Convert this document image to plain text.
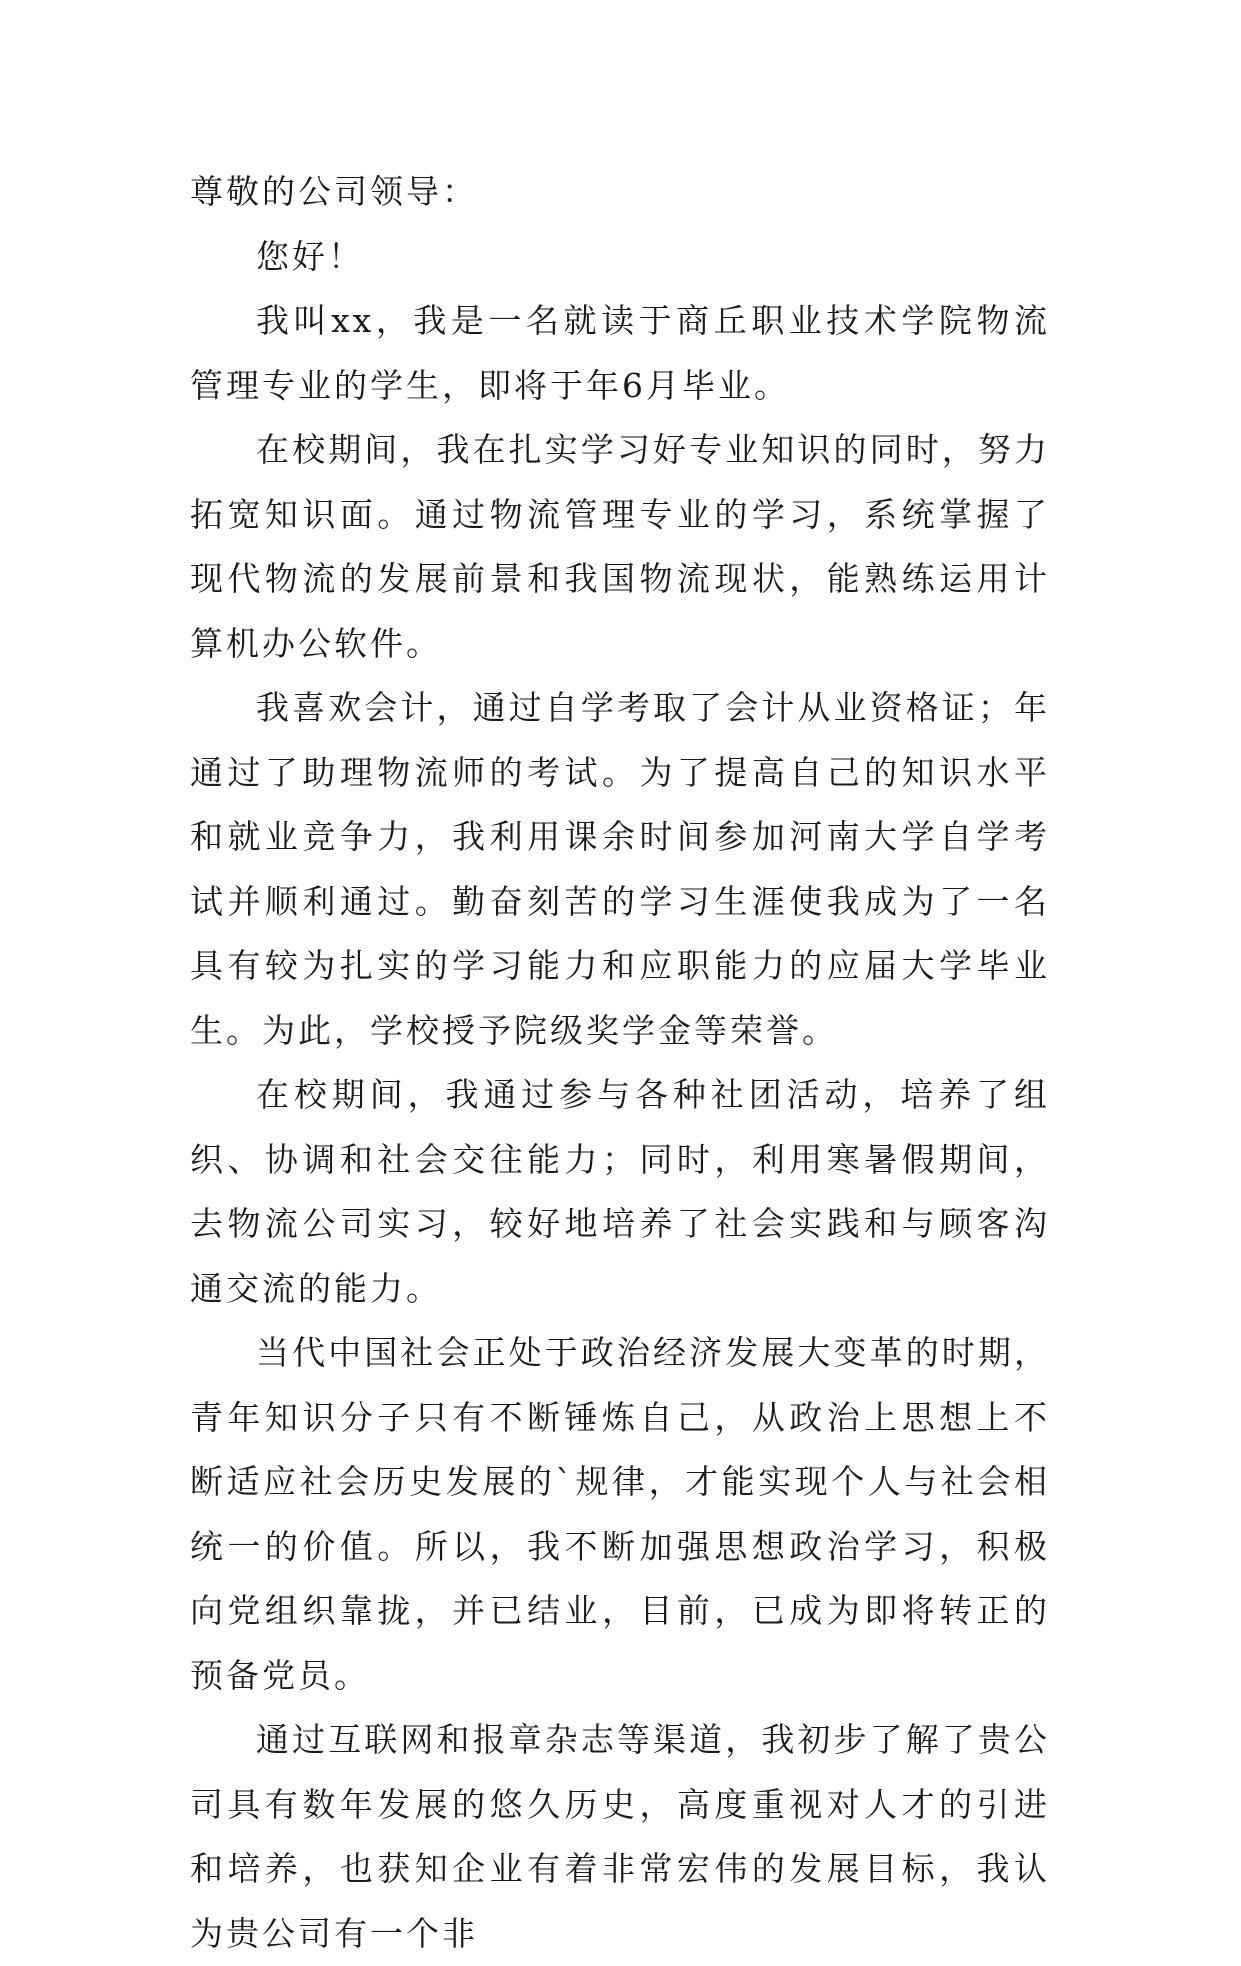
尊敬的公司领导：

您好！

我叫xx，我是一名就读于商丘职业技术学院物流管理专业的学生，即将于年6月毕业。

在校期间，我在扎实学习好专业知识的同时，努力拓宽知识面。通过物流管理专业的学习，系统掌握了现代物流的发展前景和我国物流现状，能熟练运用计算机办公软件。

我喜欢会计，通过自学考取了会计从业资格证；年通过了助理物流师的考试。为了提高自己的知识水平和就业竞争力，我利用课余时间参加河南大学自学考试并顺利通过。勤奋刻苦的学习生涯使我成为了一名具有较为扎实的学习能力和应职能力的应届大学毕业生。为此，学校授予院级奖学金等荣誉。

在校期间，我通过参与各种社团活动，培养了组织、协调和社会交往能力；同时，利用寒暑假期间，去物流公司实习，较好地培养了社会实践和与顾客沟通交流的能力。

当代中国社会正处于政治经济发展大变革的时期，青年知识分子只有不断锤炼自己，从政治上思想上不断适应社会历史发展的`规律，才能实现个人与社会相统一的价值。所以，我不断加强思想政治学习，积极向党组织靠拢，并已结业，目前，已成为即将转正的预备党员。

通过互联网和报章杂志等渠道，我初步了解了贵公司具有数年发展的悠久历史，高度重视对人才的引进和培养，也获知企业有着非常宏伟的发展目标，我认为贵公司有一个非
